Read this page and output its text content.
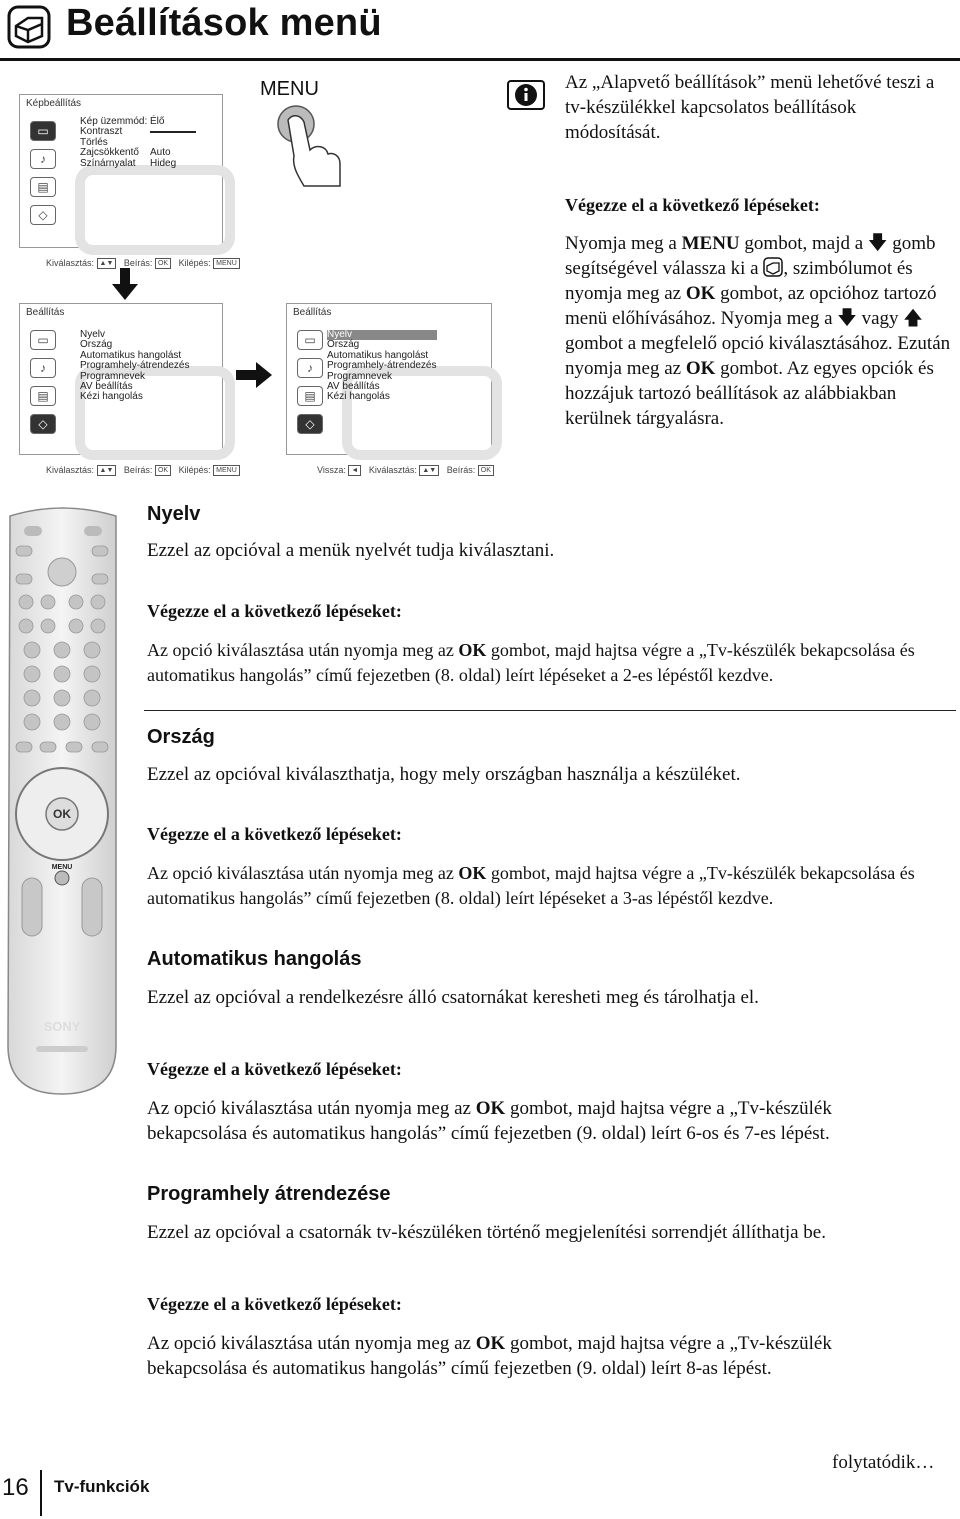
Beállítások menü
Képbeállítás
▭
♪
▤
◇
Kép üzemmód:
Kontraszt
Törlés
Zajcsökkentő
Színárnyalat
Élő
Auto
Hideg
Kiválasztás: ▲▼ Beírás: OK Kilépés: MENU
MENU
Beállítás
▭
♪
▤
◇
Nyelv
Ország
Automatikus hangolást
Programhely-átrendezés
Programnevek
AV beállítás
Kézi hangolás
Kiválasztás: ▲▼ Beírás: OK Kilépés: MENU
Beállítás
▭
♪
▤
◇
Nyelv
Ország
Automatikus hangolást
Programhely-átrendezés
Programnevek
AV beállítás
Kézi hangolás
Vissza: ◄ Kiválasztás: ▲▼ Beírás: OK
Az „Alapvető beállítások” menü lehetővé teszi a tv-készülékkel kapcsolatos beállítások módosítását.
Végezze el a következő lépéseket:
Nyomja meg a MENU gombot, majd a 🡇 gomb segítségével válassza ki a , szimbólumot és nyomja meg az OK gombot, az opcióhoz tartozó menü előhívásához. Nyomja meg a 🡇 vagy 🡅 gombot a megfelelő opció kiválasztásához. Ezután nyomja meg az OK gombot. Az egyes opciók és hozzájuk tartozó beállítások az alábbiakban kerülnek tárgyalásra.
OK
MENU
SONY
Nyelv
Ezzel az opcióval a menük nyelvét tudja kiválasztani.
Végezze el a következő lépéseket:
Az opció kiválasztása után nyomja meg az OK gombot, majd hajtsa végre a „Tv-készülék bekapcsolása és automatikus hangolás” című fejezetben (8. oldal) leírt lépéseket a 2-es lépéstől kezdve.
Ország
Ezzel az opcióval kiválaszthatja, hogy mely országban használja a készüléket.
Végezze el a következő lépéseket:
Az opció kiválasztása után nyomja meg az OK gombot, majd hajtsa végre a „Tv-készülék bekapcsolása és automatikus hangolás” című fejezetben (8. oldal) leírt lépéseket a 3-as lépéstől kezdve.
Automatikus hangolás
Ezzel az opcióval a rendelkezésre álló csatornákat keresheti meg és tárolhatja el.
Végezze el a következő lépéseket:
Az opció kiválasztása után nyomja meg az OK gombot, majd hajtsa végre a „Tv-készülék bekapcsolása és automatikus hangolás” című fejezetben (9. oldal) leírt 6-os és 7-es lépést.
Programhely átrendezése
Ezzel az opcióval a csatornák tv-készüléken történő megjelenítési sorrendjét állíthatja be.
Végezze el a következő lépéseket:
Az opció kiválasztása után nyomja meg az OK gombot, majd hajtsa végre a „Tv-készülék bekapcsolása és automatikus hangolás” című fejezetben (9. oldal) leírt 8-as lépést.
folytatódik…
16 Tv-funkciók
